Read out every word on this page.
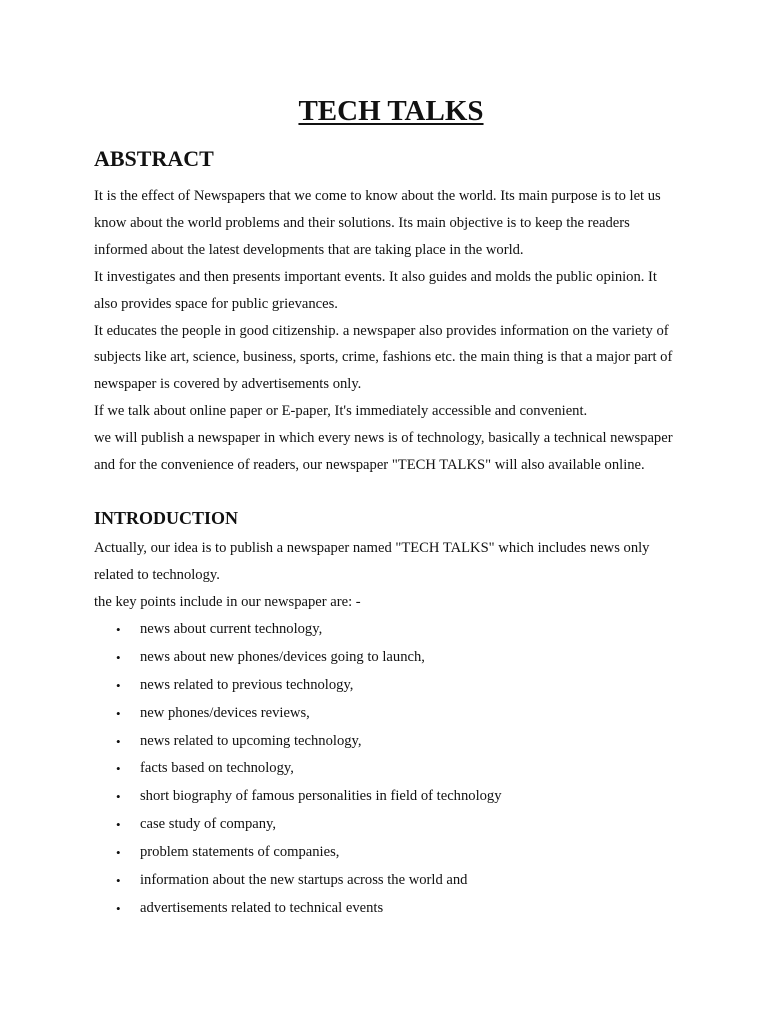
TECH TALKS
ABSTRACT

It is the effect of Newspapers that we come to know about the world. Its main purpose is to let us know about the world problems and their solutions. Its main objective is to keep the readers informed about the latest developments that are taking place in the world.

It investigates and then presents important events. It also guides and molds the public opinion. It also provides space for public grievances.

It educates the people in good citizenship. a newspaper also provides information on the variety of subjects like art, science, business, sports, crime, fashions etc. the main thing is that a major part of newspaper is covered by advertisements only.

If we talk about online paper or E-paper, It's immediately accessible and convenient.

we will publish a newspaper in which every news is of technology, basically a technical newspaper and for the convenience of readers, our newspaper "TECH TALKS" will also available online.

INTRODUCTION

Actually, our idea is to publish a newspaper named "TECH TALKS" which includes news only related to technology.

the key points include in our newspaper are: -

• news about current technology,
• news about new phones/devices going to launch,
• news related to previous technology,
• new phones/devices reviews,
• news related to upcoming technology,
• facts based on technology,
• short biography of famous personalities in field of technology
• case study of company,
• problem statements of companies,
• information about the new startups across the world and
• advertisements related to technical events
